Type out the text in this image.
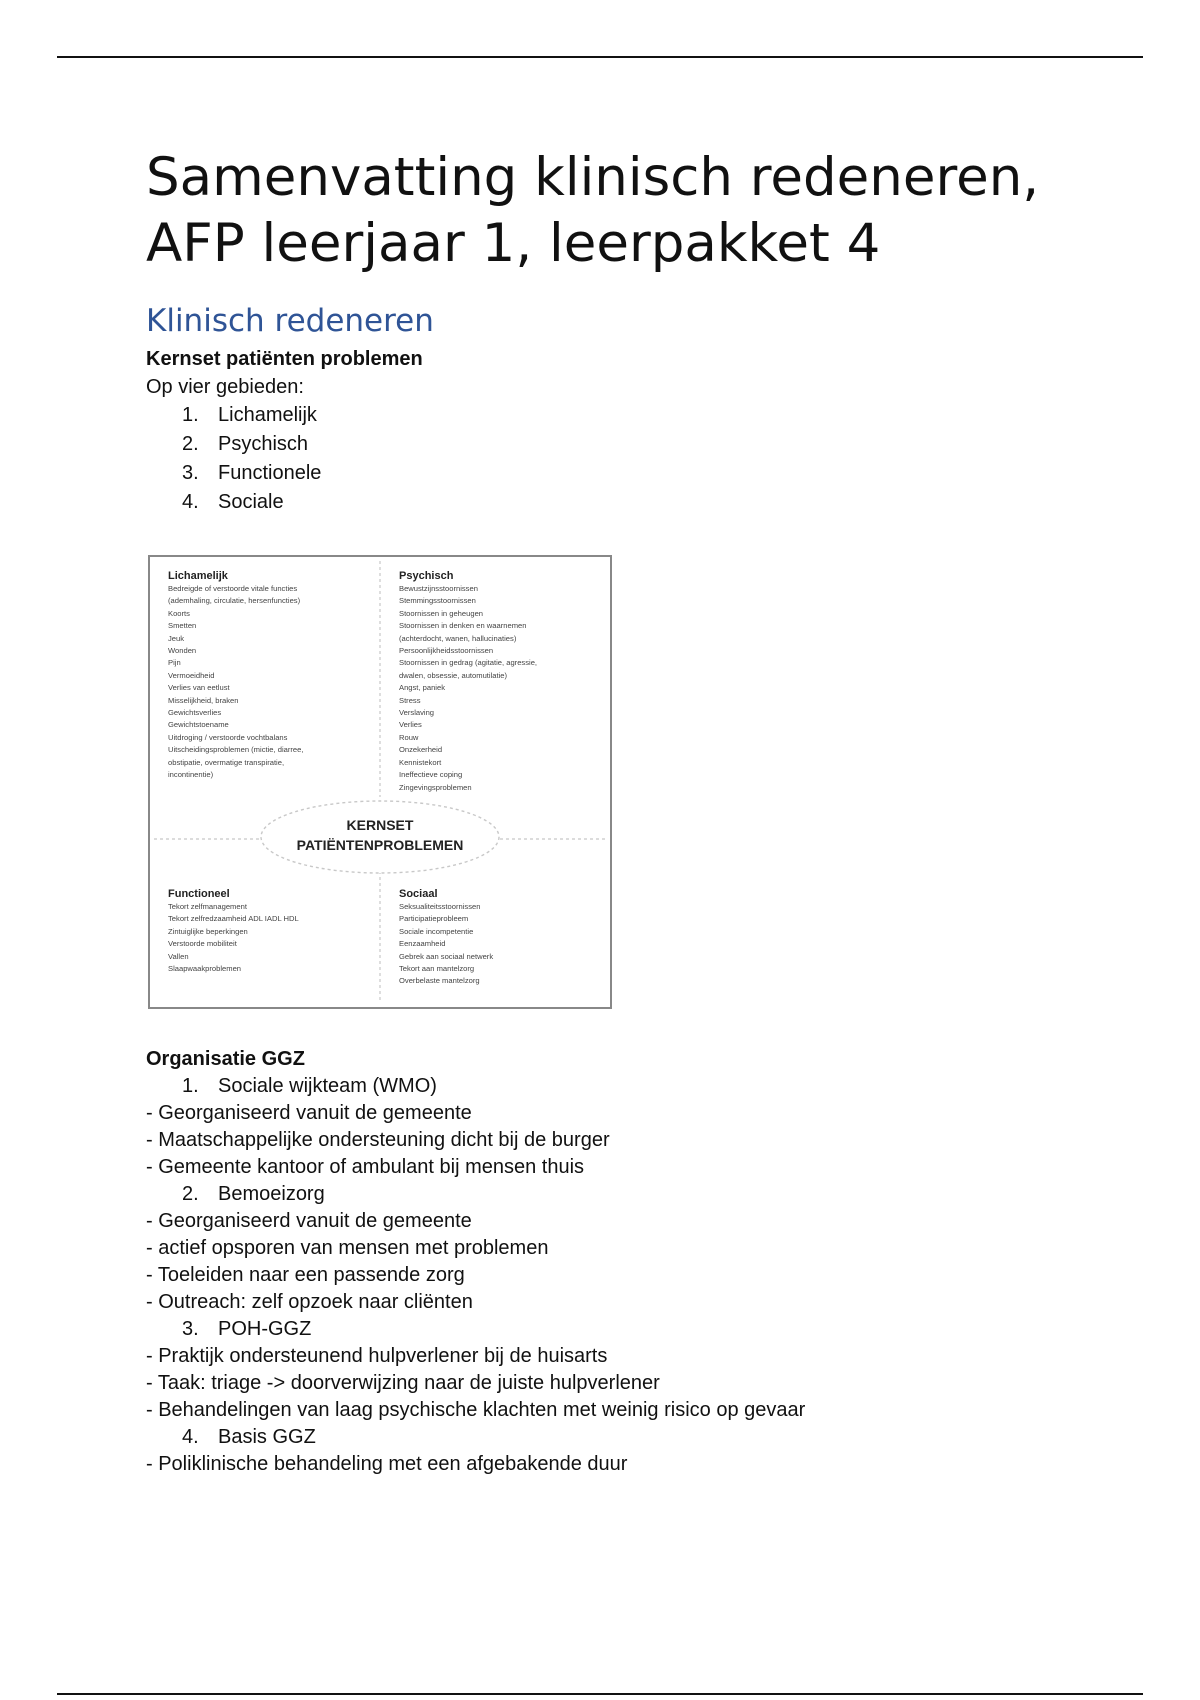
Samenvatting klinisch redeneren, AFP leerjaar 1, leerpakket 4
Klinisch redeneren
Kernset patiënten problemen
Op vier gebieden:
1. Lichamelijk
2. Psychisch
3. Functionele
4. Sociale
KERNSET
PATIËNTENPROBLEMEN
Lichamelijk
Bedreigde of verstoorde vitale functies
(ademhaling, circulatie, hersenfuncties)
Koorts
Smetten
Jeuk
Wonden
Pijn
Vermoeidheid
Verlies van eetlust
Misselijkheid, braken
Gewichtsverlies
Gewichtstoename
Uitdroging / verstoorde vochtbalans
Uitscheidingsproblemen (mictie, diarree,
obstipatie, overmatige transpiratie,
incontinentie)
Psychisch
Bewustzijnsstoornissen
Stemmingsstoornissen
Stoornissen in geheugen
Stoornissen in denken en waarnemen
(achterdocht, wanen, hallucinaties)
Persoonlijkheidsstoornissen
Stoornissen in gedrag (agitatie, agressie,
dwalen, obsessie, automutilatie)
Angst, paniek
Stress
Verslaving
Verlies
Rouw
Onzekerheid
Kennistekort
Ineffectieve coping
Zingevingsproblemen
Functioneel
Tekort zelfmanagement
Tekort zelfredzaamheid ADL IADL HDL
Zintuiglijke beperkingen
Verstoorde mobiliteit
Vallen
Slaapwaakproblemen
Sociaal
Seksualiteitsstoornissen
Participatieprobleem
Sociale incompetentie
Eenzaamheid
Gebrek aan sociaal netwerk
Tekort aan mantelzorg
Overbelaste mantelzorg
Organisatie GGZ
1. Sociale wijkteam (WMO)
- Georganiseerd vanuit de gemeente
- Maatschappelijke ondersteuning dicht bij de burger
- Gemeente kantoor of ambulant bij mensen thuis
2. Bemoeizorg
- Georganiseerd vanuit de gemeente
- actief opsporen van mensen met problemen
- Toeleiden naar een passende zorg
- Outreach: zelf opzoek naar cliënten
3. POH-GGZ
- Praktijk ondersteunend hulpverlener bij de huisarts
- Taak: triage -> doorverwijzing naar de juiste hulpverlener
- Behandelingen van laag psychische klachten met weinig risico op gevaar
4. Basis GGZ
- Poliklinische behandeling met een afgebakende duur
